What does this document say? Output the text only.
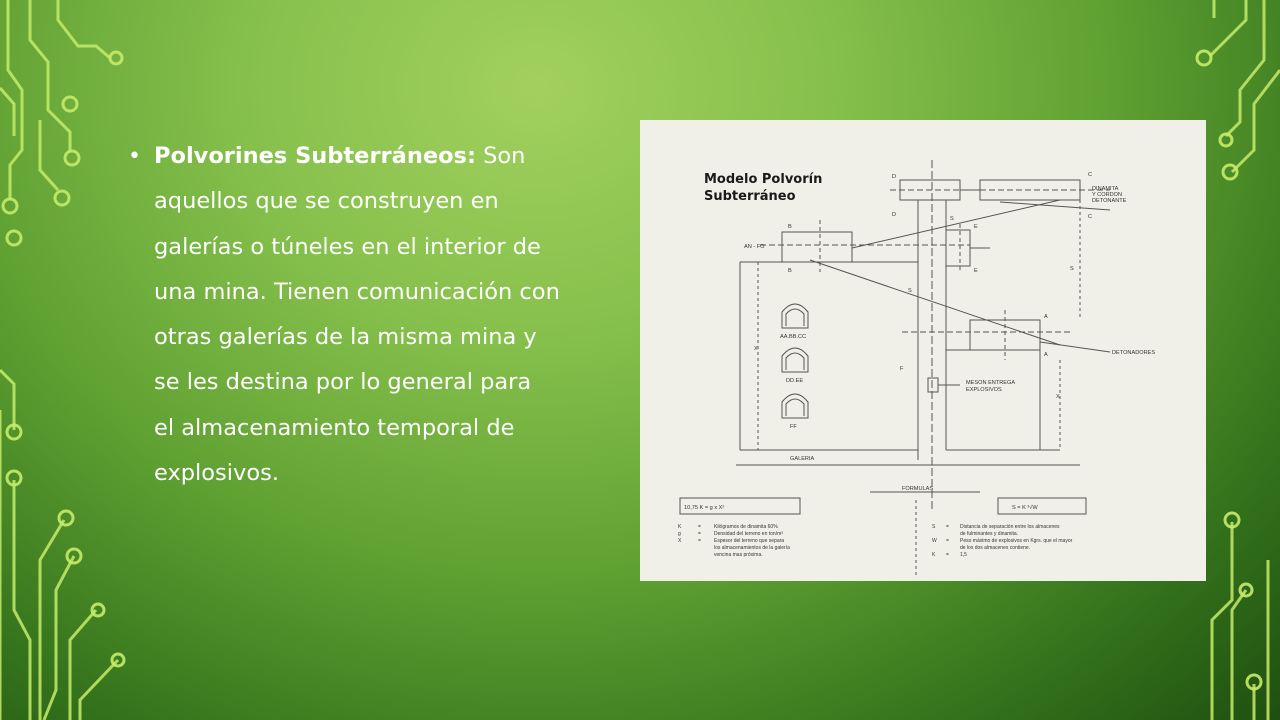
• Polvorines Subterráneos: Son
aquellos que se construyen en
galerías o túneles en el interior de
una mina. Tienen comunicación con
otras galerías de la misma mina y
se les destina por lo general para
el almacenamiento temporal de
explosivos.
Modelo Polvorín
Subterráneo	DINAMITA
Y CORDON
DETONANTE
DETONADORES
MESON ENTREGA
EXPLOSIVOS
GALERIA
FORMULAS
AA.BB.CC
DD.EE
FF
AN - FO
B
B
C
C
D
D
E
E
S
S
S
A
A
F
X
X
10,75 K = g x X²	S = K ³√W
K	=	Kilógramos de dinamita 60%
g	=	Densidad del terreno en ton/m³
X	=	Espesor del terreno que separa
los almacenamientos de la galería
vencina mas próxima.
S = Distancia de separación entre los almacenes
de fulminantes y dinamita.
W = Peso máximo de explosivos en Kgrs. que el mayor
de los dos almacenes contiene.
K = 1,5
